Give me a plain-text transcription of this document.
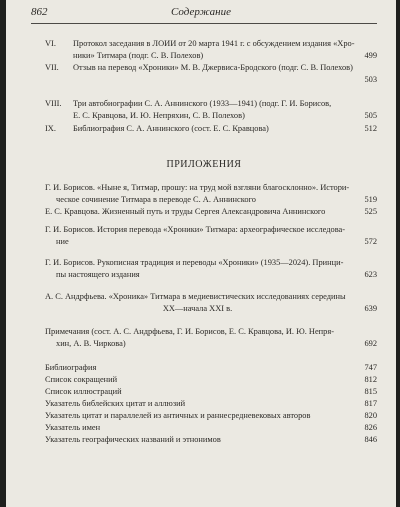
862	Содержание
VI.	Протокол заседания в ЛОИИ от 20 марта 1941 г. с обсуждением издания «Хро-
ники» Титмара (подг. С. В. Полехов)	499
VII.	Отзыв на перевод «Хроники» М. В. Джервиса-Бродского (подг. С. В. Полехов)
503
VIII.	Три автобиографии С. А. Аннинского (1933—1941) (подг. Г. И. Борисов,
Е. С. Кравцова, И. Ю. Непряхин, С. В. Полехов)	505
IX.	Библиография С. А. Аннинского (сост. Е. С. Кравцова)	512
ПРИЛОЖЕНИЯ
Г. И. Борисов. «Ныне я, Титмар, прошу: на труд мой взгляни благосклонно». Истори-
ческое сочинение Титмара в переводе С. А. Аннинского	519
Е. С. Кравцова. Жизненный путь и труды Сергея Александровича Аннинского	525
Г. И. Борисов. История перевода «Хроники» Титмара: археографическое исследова-
ние	572
Г. И. Борисов. Рукописная традиция и переводы «Хроники» (1935—2024). Принци-
пы настоящего издания	623
А. С. Андрфьева. «Хроника» Титмара в медиевистических исследованиях середины
XX—начала XXI в.	639
Примечания (сост. А. С. Андрфьева, Г. И. Борисов, Е. С. Кравцова, И. Ю. Непря-
хин, А. В. Чиркова)	692
Библиография	747
Список сокращений	812
Список иллюстраций	815
Указатель библейских цитат и аллюзий	817
Указатель цитат и параллелей из античных и раннесредневековых авторов	820
Указатель имен	826
Указатель географических названий и этнонимов	846
